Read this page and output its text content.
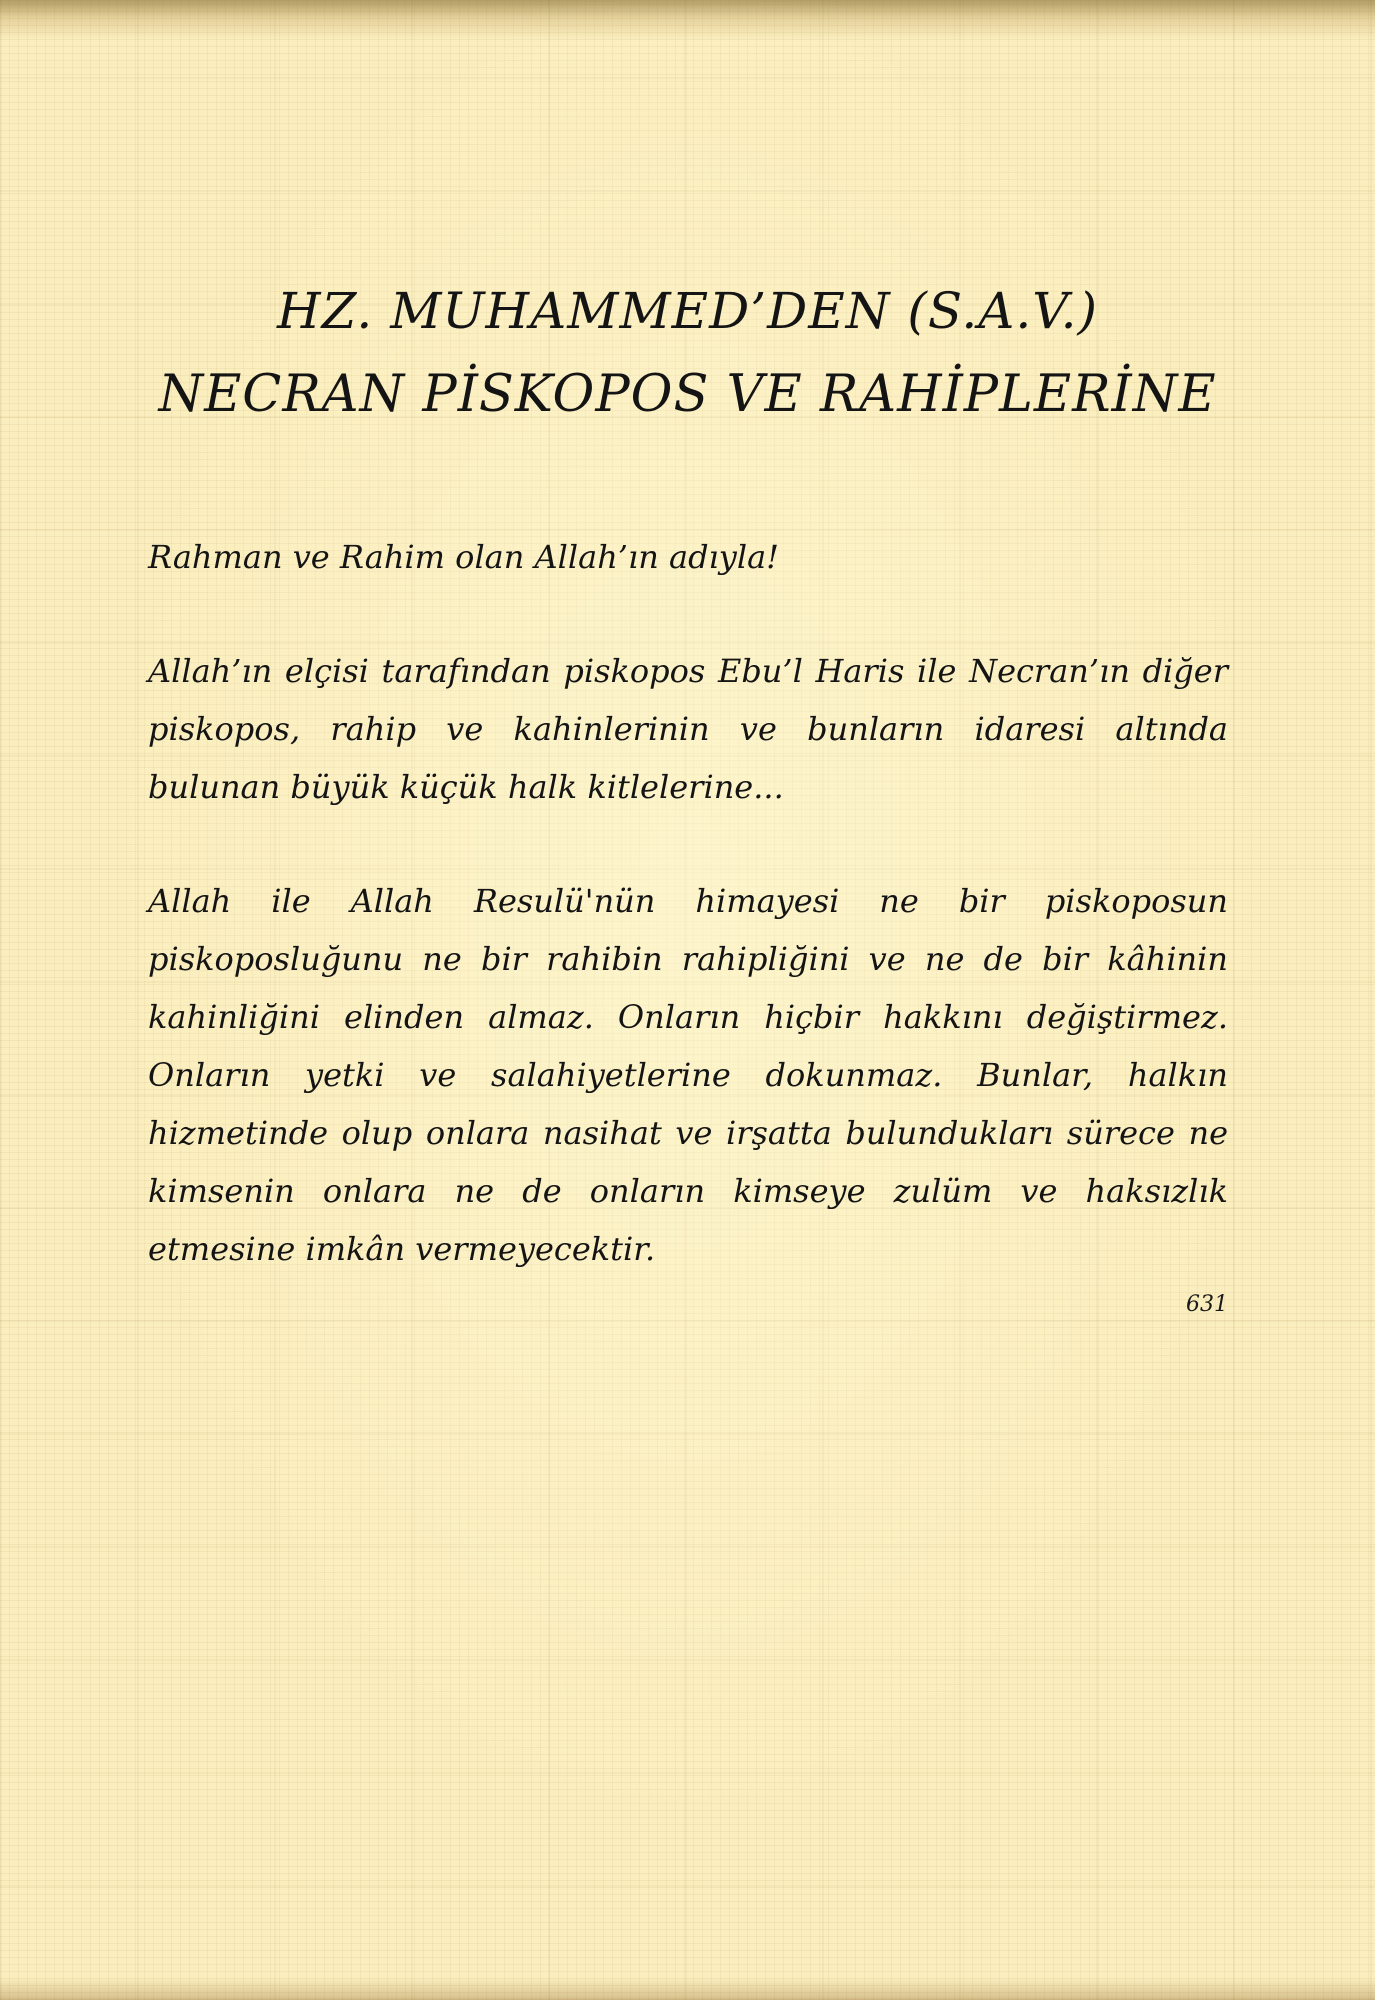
HZ. MUHAMMED’DEN (S.A.V.)
NECRAN PİSKOPOS VE RAHİPLERİNE

Rahman ve Rahim olan Allah’ın adıyla!

Allah’ın elçisi tarafından piskopos Ebu’l Haris ile Necran’ın diğer piskopos, rahip ve kahinlerinin ve bunların idaresi altında bulunan büyük küçük halk kitlelerine...

Allah ile Allah Resulü'nün himayesi ne bir piskoposun piskoposluğunu ne bir rahibin rahipliğini ve ne de bir kâhinin kahinliğini elinden almaz. Onların hiçbir hakkını değiştirmez. Onların yetki ve salahiyetlerine dokunmaz. Bunlar, halkın hizmetinde olup onlara nasihat ve irşatta bulundukları sürece ne kimsenin onlara ne de onların kimseye zulüm ve haksızlık etmesine imkân vermeyecektir.

631
